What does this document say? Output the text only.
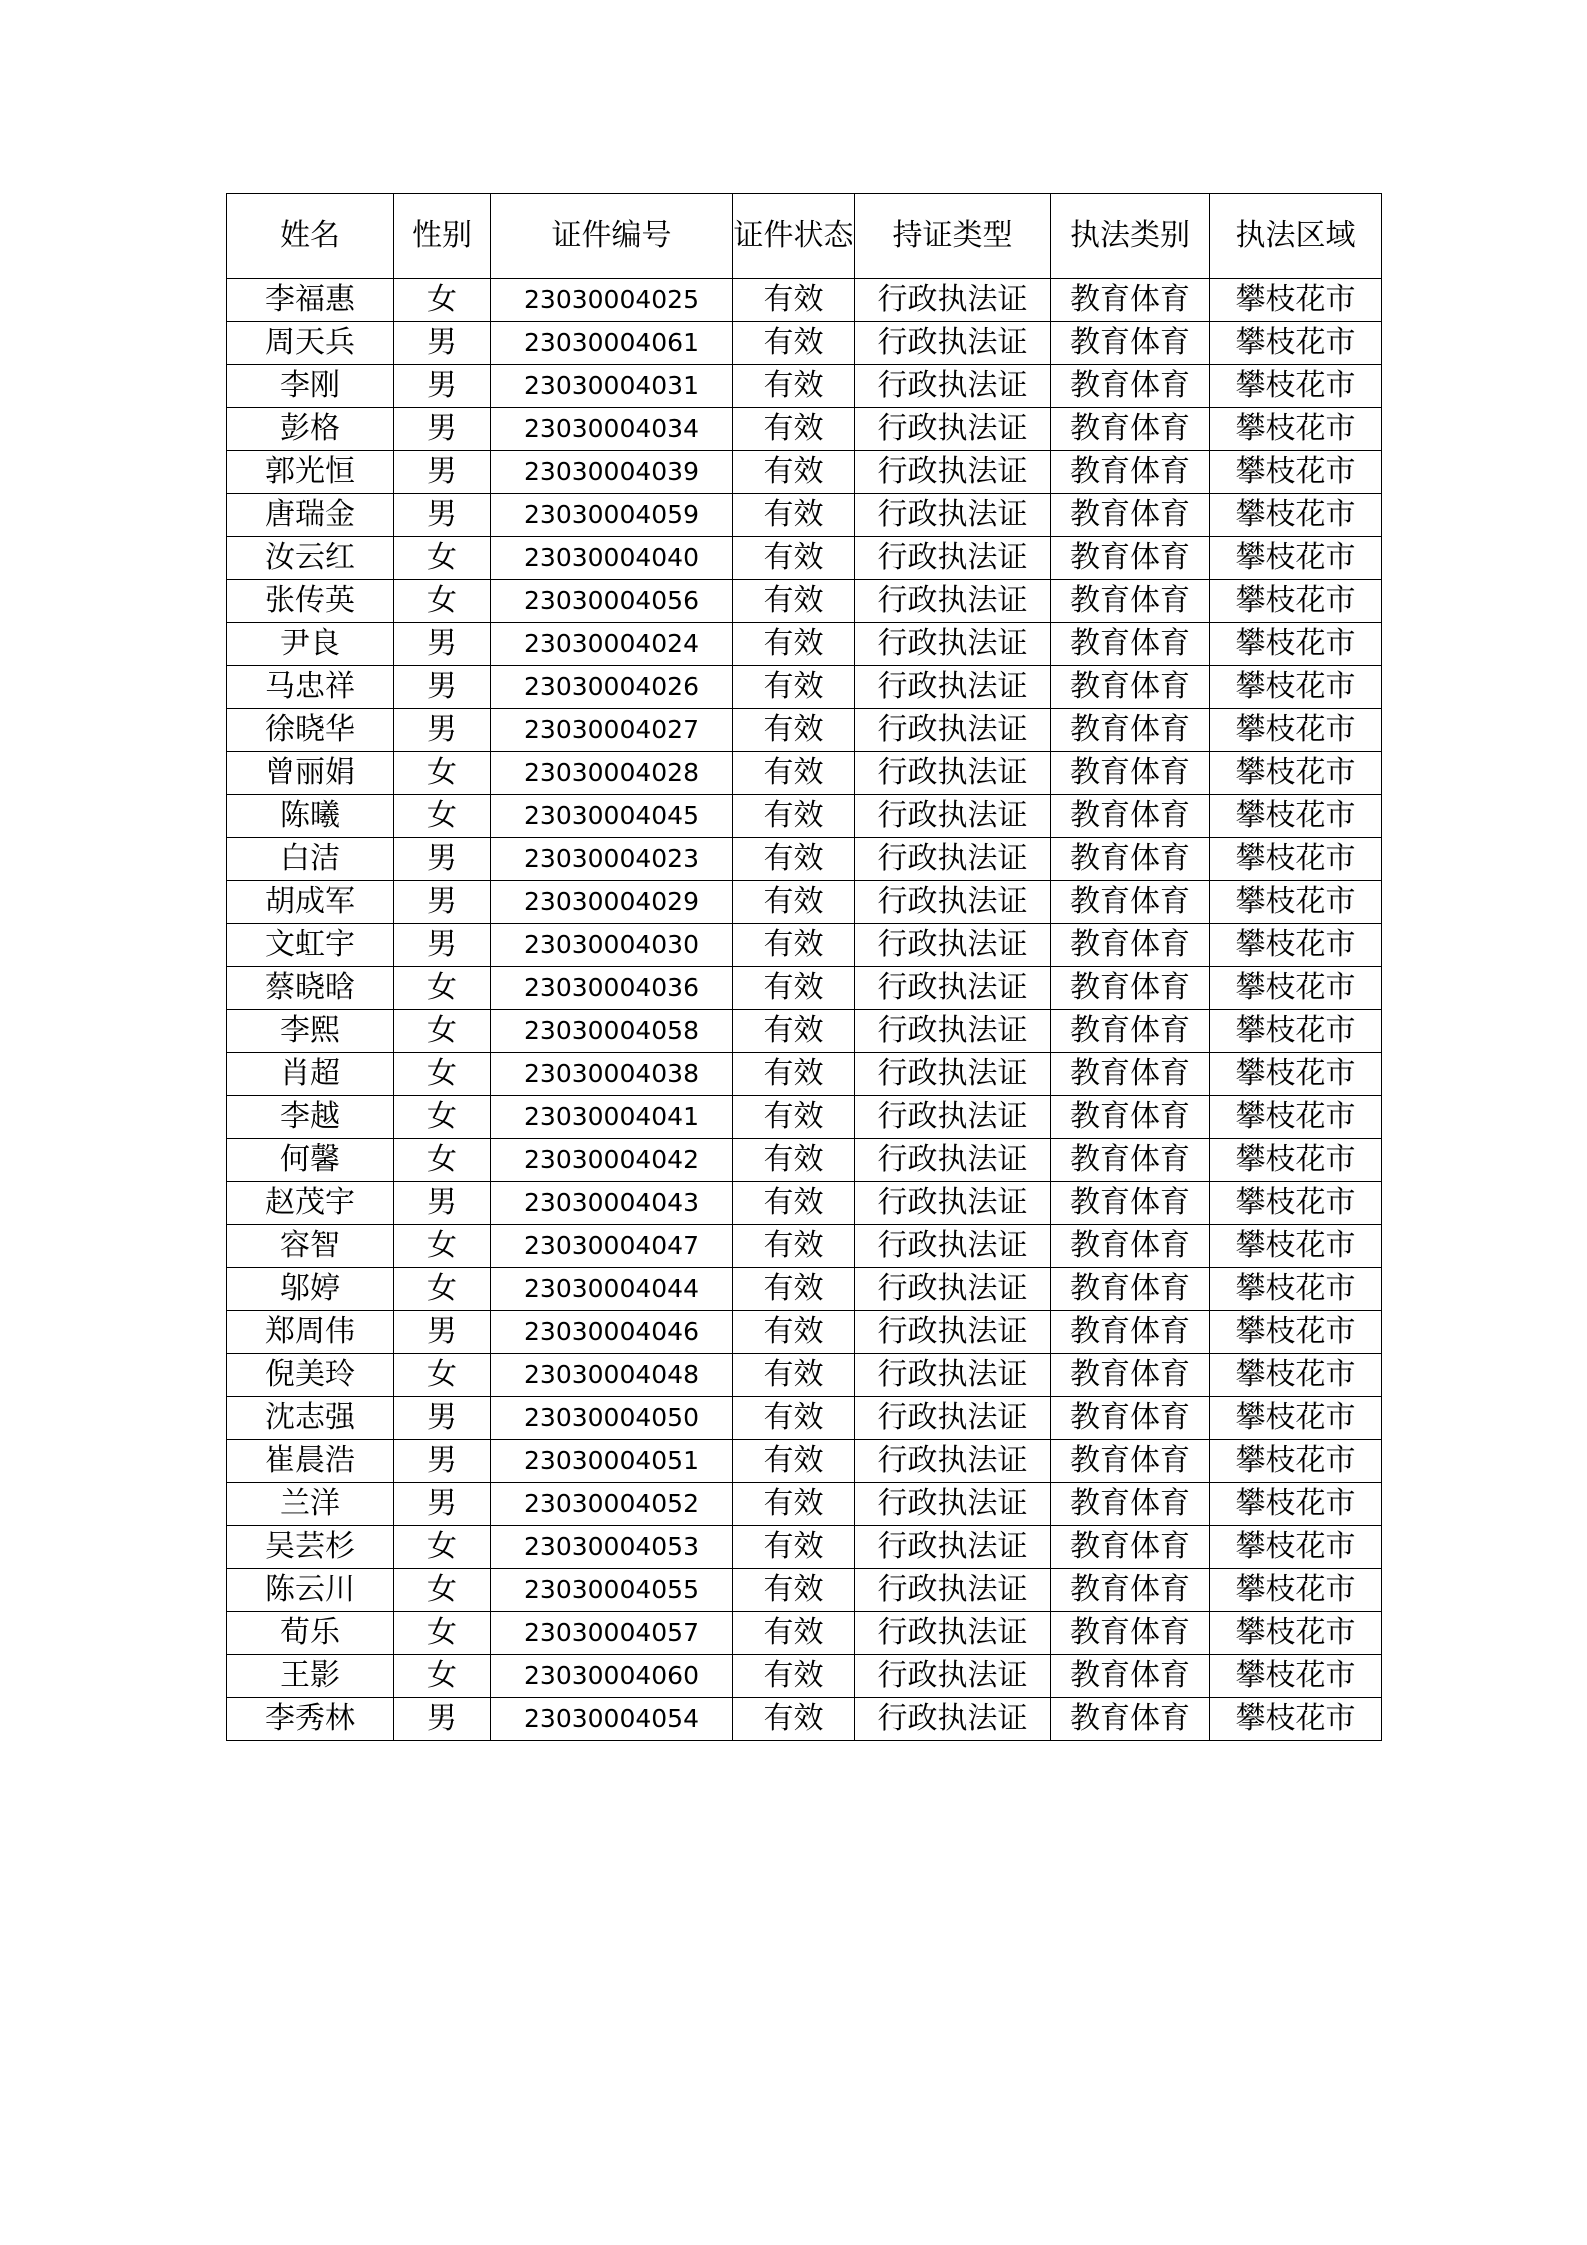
姓名	性别	证件编号	证件状态	持证类型	执法类别	执法区域
李福惠	女	23030004025	有效	行政执法证	教育体育	攀枝花市
周天兵	男	23030004061	有效	行政执法证	教育体育	攀枝花市
李刚	男	23030004031	有效	行政执法证	教育体育	攀枝花市
彭格	男	23030004034	有效	行政执法证	教育体育	攀枝花市
郭光恒	男	23030004039	有效	行政执法证	教育体育	攀枝花市
唐瑞金	男	23030004059	有效	行政执法证	教育体育	攀枝花市
汝云红	女	23030004040	有效	行政执法证	教育体育	攀枝花市
张传英	女	23030004056	有效	行政执法证	教育体育	攀枝花市
尹良	男	23030004024	有效	行政执法证	教育体育	攀枝花市
马忠祥	男	23030004026	有效	行政执法证	教育体育	攀枝花市
徐晓华	男	23030004027	有效	行政执法证	教育体育	攀枝花市
曾丽娟	女	23030004028	有效	行政执法证	教育体育	攀枝花市
陈曦	女	23030004045	有效	行政执法证	教育体育	攀枝花市
白洁	男	23030004023	有效	行政执法证	教育体育	攀枝花市
胡成军	男	23030004029	有效	行政执法证	教育体育	攀枝花市
文虹宇	男	23030004030	有效	行政执法证	教育体育	攀枝花市
蔡晓晗	女	23030004036	有效	行政执法证	教育体育	攀枝花市
李熙	女	23030004058	有效	行政执法证	教育体育	攀枝花市
肖超	女	23030004038	有效	行政执法证	教育体育	攀枝花市
李越	女	23030004041	有效	行政执法证	教育体育	攀枝花市
何馨	女	23030004042	有效	行政执法证	教育体育	攀枝花市
赵茂宇	男	23030004043	有效	行政执法证	教育体育	攀枝花市
容智	女	23030004047	有效	行政执法证	教育体育	攀枝花市
邬婷	女	23030004044	有效	行政执法证	教育体育	攀枝花市
郑周伟	男	23030004046	有效	行政执法证	教育体育	攀枝花市
倪美玲	女	23030004048	有效	行政执法证	教育体育	攀枝花市
沈志强	男	23030004050	有效	行政执法证	教育体育	攀枝花市
崔晨浩	男	23030004051	有效	行政执法证	教育体育	攀枝花市
兰洋	男	23030004052	有效	行政执法证	教育体育	攀枝花市
吴芸杉	女	23030004053	有效	行政执法证	教育体育	攀枝花市
陈云川	女	23030004055	有效	行政执法证	教育体育	攀枝花市
荀乐	女	23030004057	有效	行政执法证	教育体育	攀枝花市
王影	女	23030004060	有效	行政执法证	教育体育	攀枝花市
李秀林	男	23030004054	有效	行政执法证	教育体育	攀枝花市
